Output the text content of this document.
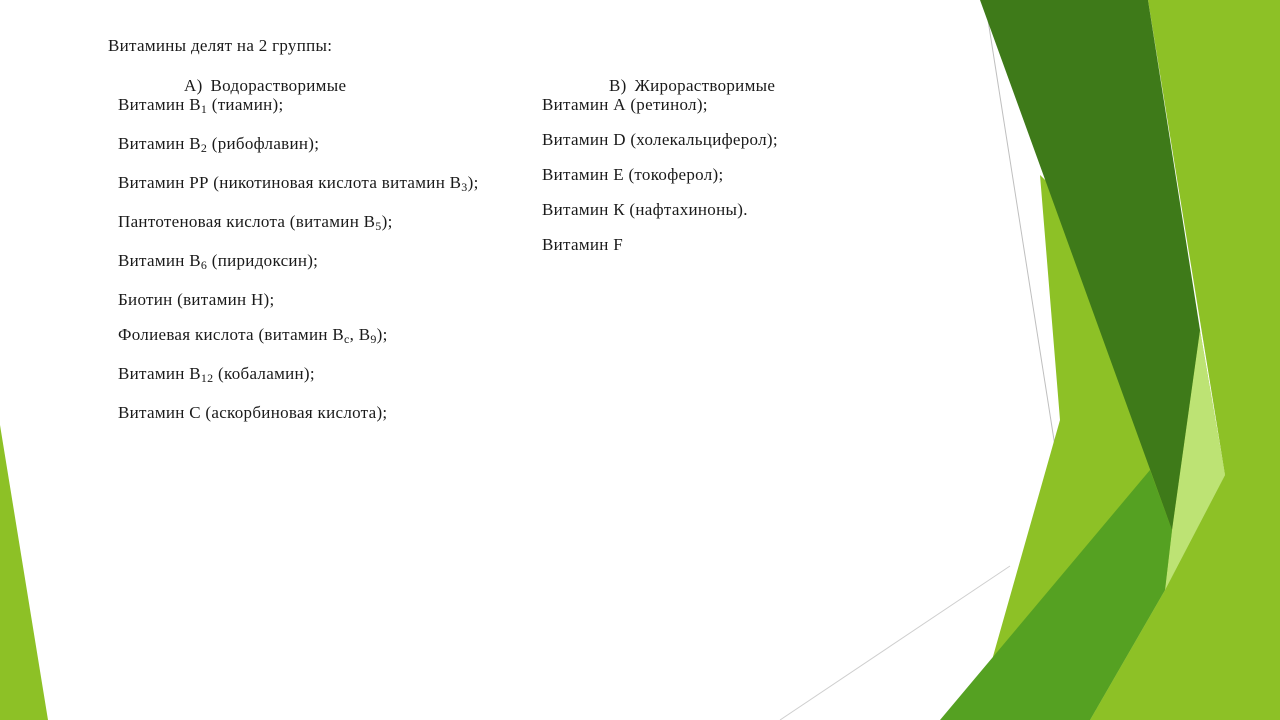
Витамины делят на 2 группы:
А) Водорастворимые	В) Жирорастворимые

Витамин $В_1$ (тиамин);

Витамин $В_2$ (рибофлавин);

Витамин РР (никотиновая кислота витамин $В_3$);

Пантотеновая кислота (витамин $В_5$);

Витамин $В_6$ (пиридоксин);

Биотин (витамин Н);

Фолиевая кислота (витамин $В_с$, $В_9$);

Витамин $В_{12}$ (кобаламин);

Витамин С (аскорбиновая кислота);

Витамин А (ретинол);

Витамин D (холекальциферол);

Витамин Е (токоферол);

Витамин К (нафтахиноны).

Витамин F
